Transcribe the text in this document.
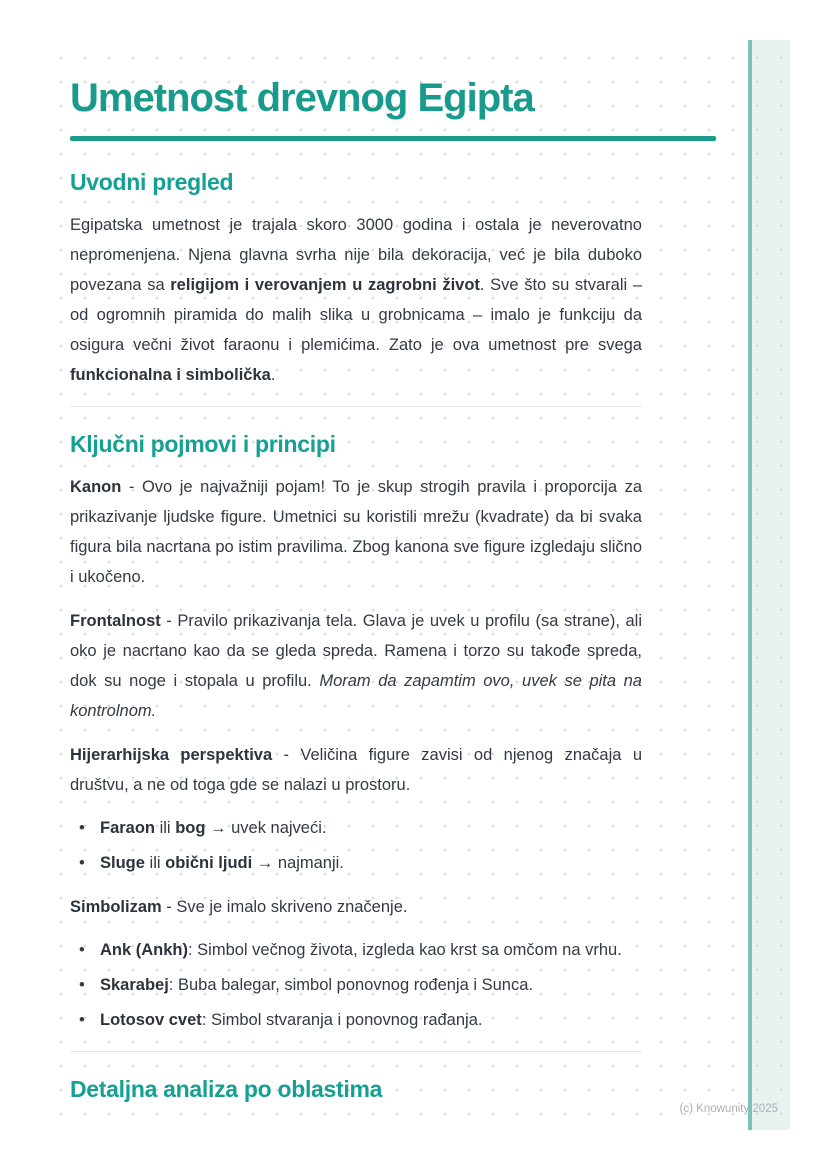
Umetnost drevnog Egipta
Uvodni pregled

Egipatska umetnost je trajala skoro 3000 godina i ostala je neverovatno nepromenjena. Njena glavna svrha nije bila dekoracija, već je bila duboko povezana sa religijom i verovanjem u zagrobni život. Sve što su stvarali – od ogromnih piramida do malih slika u grobnicama – imalo je funkciju da osigura večni život faraonu i plemićima. Zato je ova umetnost pre svega funkcionalna i simbolička.

Ključni pojmovi i principi

Kanon - Ovo je najvažniji pojam! To je skup strogih pravila i proporcija za prikazivanje ljudske figure. Umetnici su koristili mrežu (kvadrate) da bi svaka figura bila nacrtana po istim pravilima. Zbog kanona sve figure izgledaju slično i ukočeno.

Frontalnost - Pravilo prikazivanja tela. Glava je uvek u profilu (sa strane), ali oko je nacrtano kao da se gleda spreda. Ramena i torzo su takođe spreda, dok su noge i stopala u profilu. Moram da zapamtim ovo, uvek se pita na kontrolnom.

Hijerarhijska perspektiva - Veličina figure zavisi od njenog značaja u društvu, a ne od toga gde se nalazi u prostoru.

• Faraon ili bog → uvek najveći.
• Sluge ili obični ljudi → najmanji.

Simbolizam - Sve je imalo skriveno značenje.

• Ank (Ankh): Simbol večnog života, izgleda kao krst sa omčom na vrhu.
• Skarabej: Buba balegar, simbol ponovnog rođenja i Sunca.
• Lotosov cvet: Simbol stvaranja i ponovnog rađanja.
Detaljna analiza po oblastima
(c) Knowunity 2025
